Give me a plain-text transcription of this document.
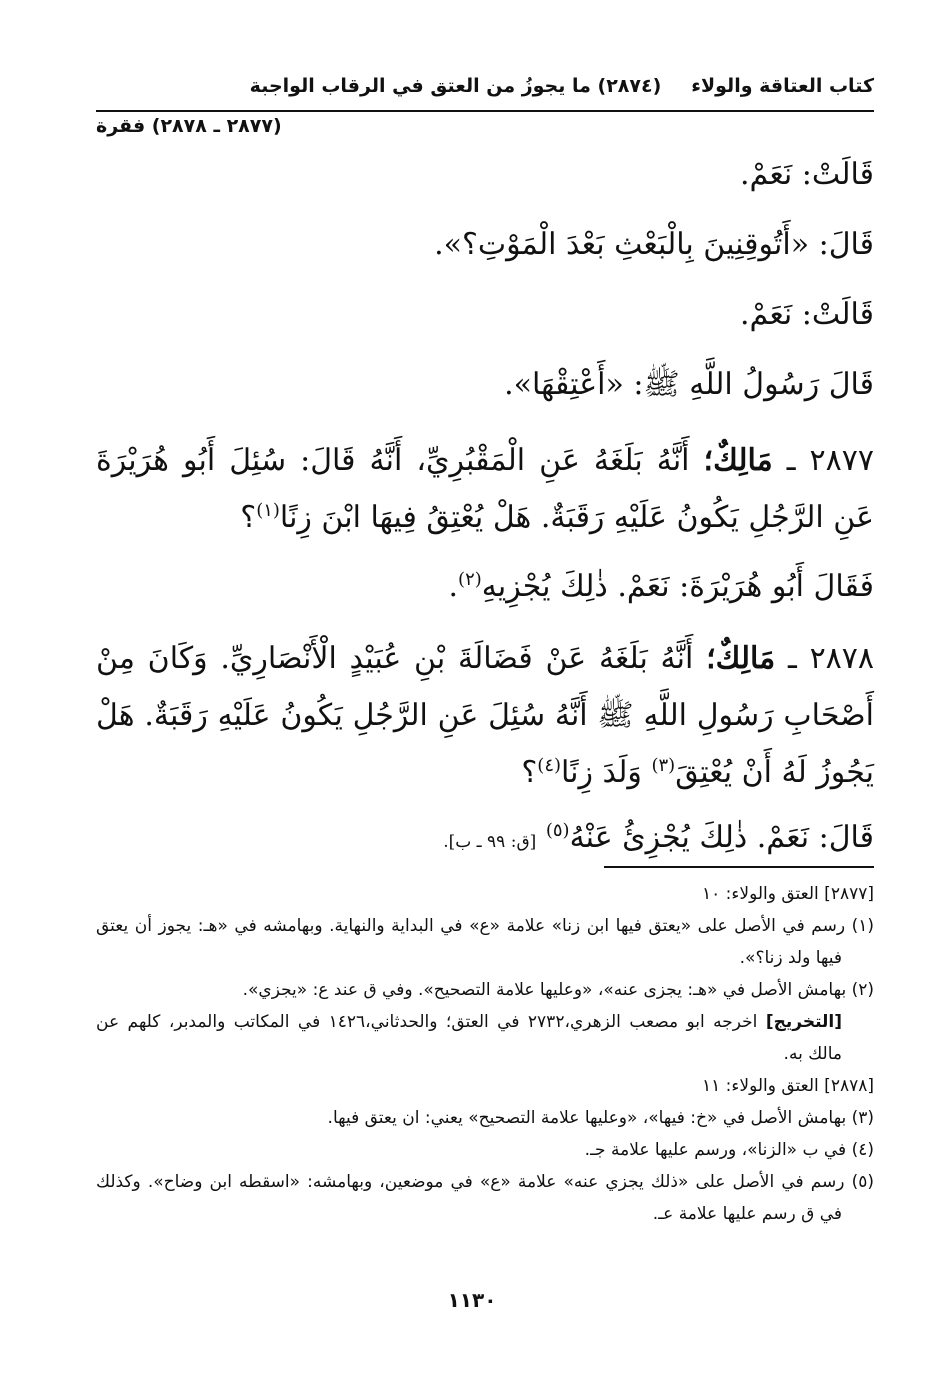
كتاب العتاقة والولاء
(٢٨٧٤) ما يجوزُ من العتق في الرقاب الواجبة
(٢٨٧٧ ـ ٢٨٧٨) فقرة

قَالَتْ: نَعَمْ.

قَالَ: «أَتُوقِنِينَ بِالْبَعْثِ بَعْدَ الْمَوْتِ؟».

قَالَتْ: نَعَمْ.

قَالَ رَسُولُ اللَّهِ ﷺ: «أَعْتِقْهَا».

٢٨٧٧ ـ مَالِكٌ؛ أَنَّهُ بَلَغَهُ عَنِ الْمَقْبُرِيِّ، أَنَّهُ قَالَ: سُئِلَ أَبُو هُرَيْرَةَ عَنِ الرَّجُلِ يَكُونُ عَلَيْهِ رَقَبَةٌ. هَلْ يُعْتِقُ فِيهَا ابْنَ زِنًا$^{(١)}$؟

فَقَالَ أَبُو هُرَيْرَةَ: نَعَمْ. ذٰلِكَ يُجْزِيهِ$^{(٢)}$.

٢٨٧٨ ـ مَالِكٌ؛ أَنَّهُ بَلَغَهُ عَنْ فَضَالَةَ بْنِ عُبَيْدٍ الْأَنْصَارِيِّ. وَكَانَ مِنْ أَصْحَابِ رَسُولِ اللَّهِ ﷺ أَنَّهُ سُئِلَ عَنِ الرَّجُلِ يَكُونُ عَلَيْهِ رَقَبَةٌ. هَلْ يَجُوزُ لَهُ أَنْ يُعْتِقَ$^{(٣)}$ وَلَدَ زِنًا$^{(٤)}$؟

قَالَ: نَعَمْ. ذٰلِكَ يُجْزِئُ عَنْهُ$^{(٥)}$ [ق: ٩٩ ـ ب].

[٢٨٧٧] العتق والولاء: ١٠

(١) رسم في الأصل على «يعتق فيها ابن زنا» علامة «ع» في البداية والنهاية. وبهامشه في «هـ: يجوز أن يعتق فيها ولد زنا؟».

(٢) بهامش الأصل في «هـ: يجزى عنه»، «وعليها علامة التصحيح». وفي ق عند ع: «يجزي».

[التخريج] اخرجه ابو مصعب الزهري،٢٧٣٢ في العتق؛ والحدثاني،١٤٢٦ في المكاتب والمدبر، كلهم عن مالك به.

[٢٨٧٨] العتق والولاء: ١١

(٣) بهامش الأصل في «خ: فيها»، «وعليها علامة التصحيح» يعني: ان يعتق فيها.

(٤) في ب «الزنا»، ورسم عليها علامة جـ.

(٥) رسم في الأصل على «ذلك يجزي عنه» علامة «ع» في موضعين، وبهامشه: «اسقطه ابن وضاح». وكذلك في ق رسم عليها علامة عـ.

١١٣٠
